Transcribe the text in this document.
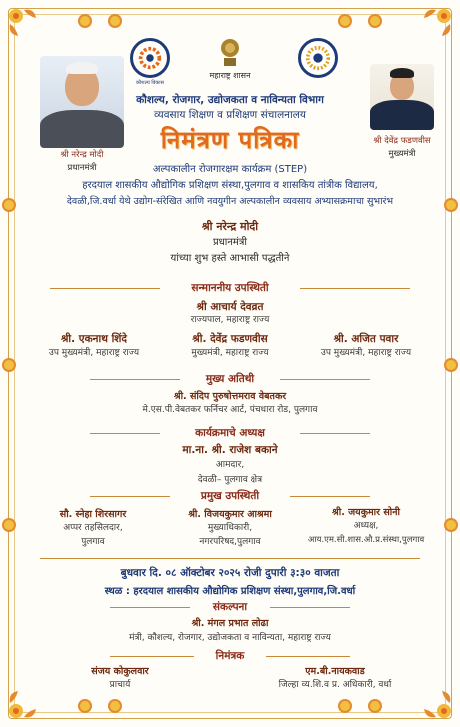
कौशल्य विकास
महाराष्ट्र शासन
श्री नरेन्द्र मोदी
प्रधानमंत्री
श्री देवेंद्र फडणवीस
मुख्यमंत्री
कौशल्य, रोजगार, उद्योजकता व नाविन्यता विभाग
व्यवसाय शिक्षण व प्रशिक्षण संचालनालय
निमंत्रण पत्रिका
अल्पकालीन रोजगारक्षम कार्यक्रम (STEP)
हरदयाल शासकीय औद्योगिक प्रशिक्षण संस्था,पुलगाव व शासकिय तांत्रीक विद्यालय,
देवळी,जि.वर्धा येथे उद्योग-संरेखित आणि नवयुगीन अल्पकालीन व्यवसाय अभ्यासक्रमाचा सुभारंभ
श्री नरेन्द्र मोदी
प्रधानमंत्री
यांच्या शुभ हस्ते आभासी पद्धतीने
सन्माननीय उपस्थिती
श्री आचार्य देवव्रत
राज्यपाल, महाराष्ट्र राज्य
श्री. एकनाथ शिंदे
उप मुख्यमंत्री, महाराष्ट्र राज्य
श्री. देवेंद्र फडणवीस
मुख्यमंत्री, महाराष्ट्र राज्य
श्री. अजित पवार
उप मुख्यमंत्री, महाराष्ट्र राज्य
मुख्य अतिथी
श्री. संदिप पुरुषोत्तमराव वेबतकर
मे.एस.पी.वेबतकर फर्निचर आर्ट, पंचधारा रोड, पुलगाव
कार्यक्रमाचे अध्यक्ष
मा.ना. श्री. राजेश बकाने
आमदार,
देवळी– पुलगाव क्षेत्र
प्रमुख उपस्थिती
सौ. स्नेहा शिरसागर
अप्पर तहसिलदार,
पुलगाव
श्री. विजयकुमार आश्रमा
मुख्याधिकारी,
नगरपरिषद,पुलगाव
श्री. जयकुमार सोनी
अध्यक्ष,
आय.एम.सी.शास.औ.प्र.संस्था,पुलगाव
बुधवार दि. ०८ ऑक्टोबर २०२५ रोजी दुपारी ३:३० वाजता
स्थळ : हरदयाल शासकीय औद्योगिक प्रशिक्षण संस्था,पुलगाव,जि.वर्धा
संकल्पना
श्री. मंगल प्रभात लोढा
मंत्री, कौशल्य, रोजगार, उद्योजकता व नाविन्यता, महाराष्ट्र राज्य
निमंत्रक
संजय कोकुलवार
प्राचार्य
एम.बी.नायकवाड
जिल्हा व्य.शि.व प्र. अधिकारी, वर्धा
